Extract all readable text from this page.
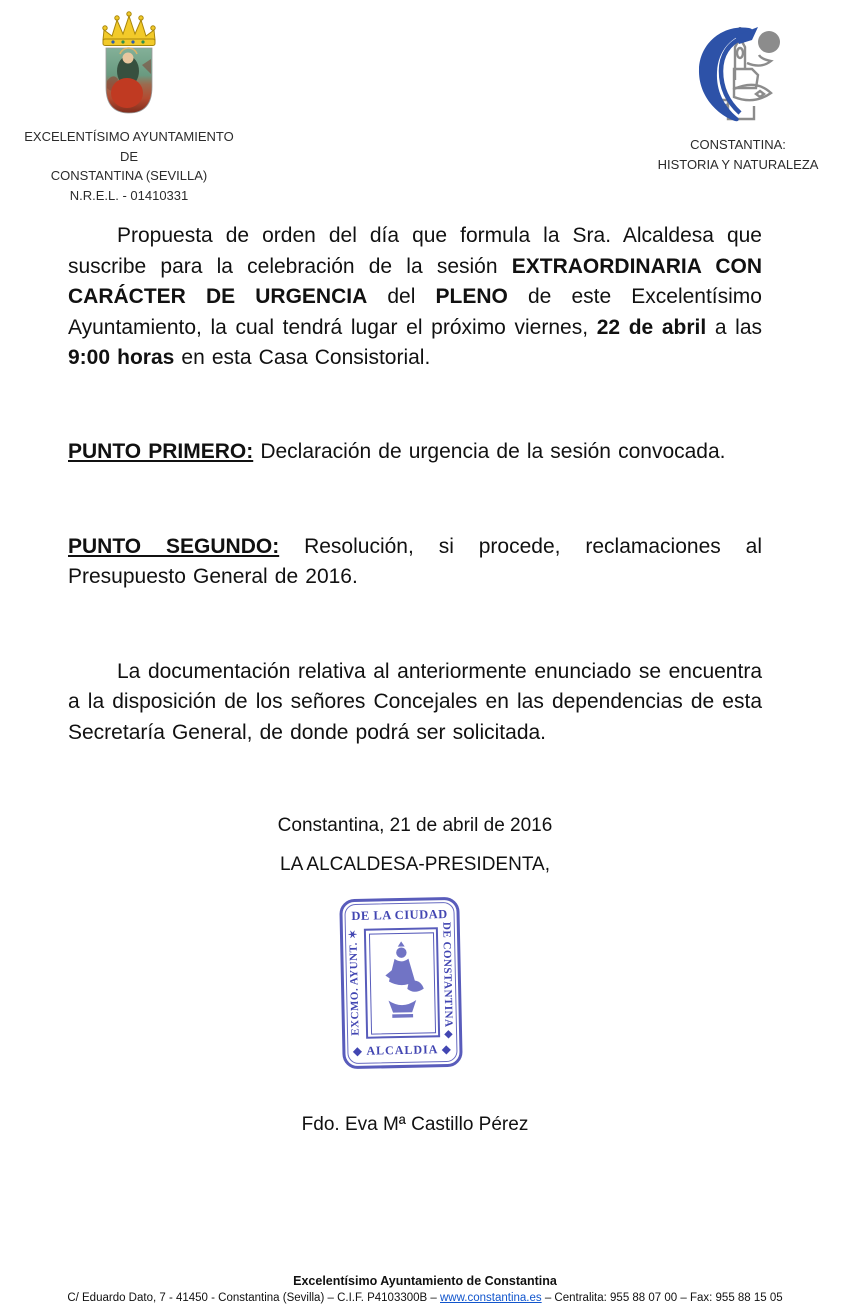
EXCELENTÍSIMO AYUNTAMIENTO DE
CONSTANTINA (SEVILLA)
N.R.E.L. - 01410331
CONSTANTINA:
HISTORIA Y NATURALEZA

Propuesta de orden del día que formula la Sra. Alcaldesa que suscribe para la celebración de la sesión EXTRAORDINARIA CON CARÁCTER DE URGENCIA del PLENO de este Excelentísimo Ayuntamiento, la cual tendrá lugar el próximo viernes, 22 de abril a las 9:00 horas en esta Casa Consistorial.

PUNTO PRIMERO: Declaración de urgencia de la sesión convocada.

PUNTO SEGUNDO: Resolución, si procede, reclamaciones al Presupuesto General de 2016.

La documentación relativa al anteriormente enunciado se encuentra a la disposición de los señores Concejales en las dependencias de esta Secretaría General, de donde podrá ser solicitada.

Constantina, 21 de abril de 2016
LA ALCALDESA-PRESIDENTA,
DE LA CIUDAD
EXCMO. AYUNT. ✶	DE CONSTANTINA ◆
◆ ALCALDIA ◆
Fdo. Eva Mª Castillo Pérez
Excelentísimo Ayuntamiento de Constantina
C/ Eduardo Dato, 7 - 41450 - Constantina (Sevilla) – C.I.F. P4103300B – www.constantina.es – Centralita: 955 88 07 00 – Fax: 955 88 15 05
